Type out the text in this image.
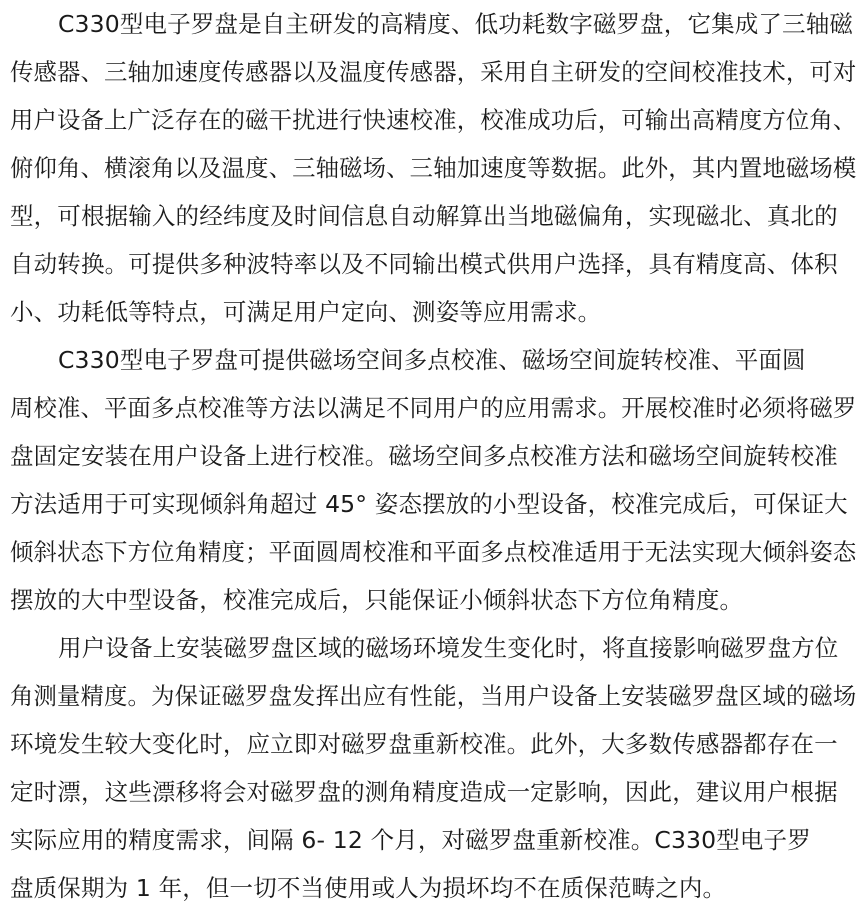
C330型电子罗盘是自主研发的高精度、低功耗数字磁罗盘，它集成了三轴磁
传感器、三轴加速度传感器以及温度传感器，采用自主研发的空间校准技术，可对
用户设备上广泛存在的磁干扰进行快速校准，校准成功后，可输出高精度方位角、
俯仰角、横滚角以及温度、三轴磁场、三轴加速度等数据。此外，其内置地磁场模
型，可根据输入的经纬度及时间信息自动解算出当地磁偏角，实现磁北、真北的
自动转换。可提供多种波特率以及不同输出模式供用户选择，具有精度高、体积
小、功耗低等特点，可满足用户定向、测姿等应用需求。
C330型电子罗盘可提供磁场空间多点校准、磁场空间旋转校准、平面圆
周校准、平面多点校准等方法以满足不同用户的应用需求。开展校准时必须将磁罗
盘固定安装在用户设备上进行校准。磁场空间多点校准方法和磁场空间旋转校准
方法适用于可实现倾斜角超过 45° 姿态摆放的小型设备，校准完成后，可保证大
倾斜状态下方位角精度；平面圆周校准和平面多点校准适用于无法实现大倾斜姿态
摆放的大中型设备，校准完成后，只能保证小倾斜状态下方位角精度。
用户设备上安装磁罗盘区域的磁场环境发生变化时，将直接影响磁罗盘方位
角测量精度。为保证磁罗盘发挥出应有性能，当用户设备上安装磁罗盘区域的磁场
环境发生较大变化时，应立即对磁罗盘重新校准。此外，大多数传感器都存在一
定时漂，这些漂移将会对磁罗盘的测角精度造成一定影响，因此，建议用户根据
实际应用的精度需求，间隔 6- 12 个月，对磁罗盘重新校准。C330型电子罗
盘质保期为 1 年，但一切不当使用或人为损坏均不在质保范畴之内。
